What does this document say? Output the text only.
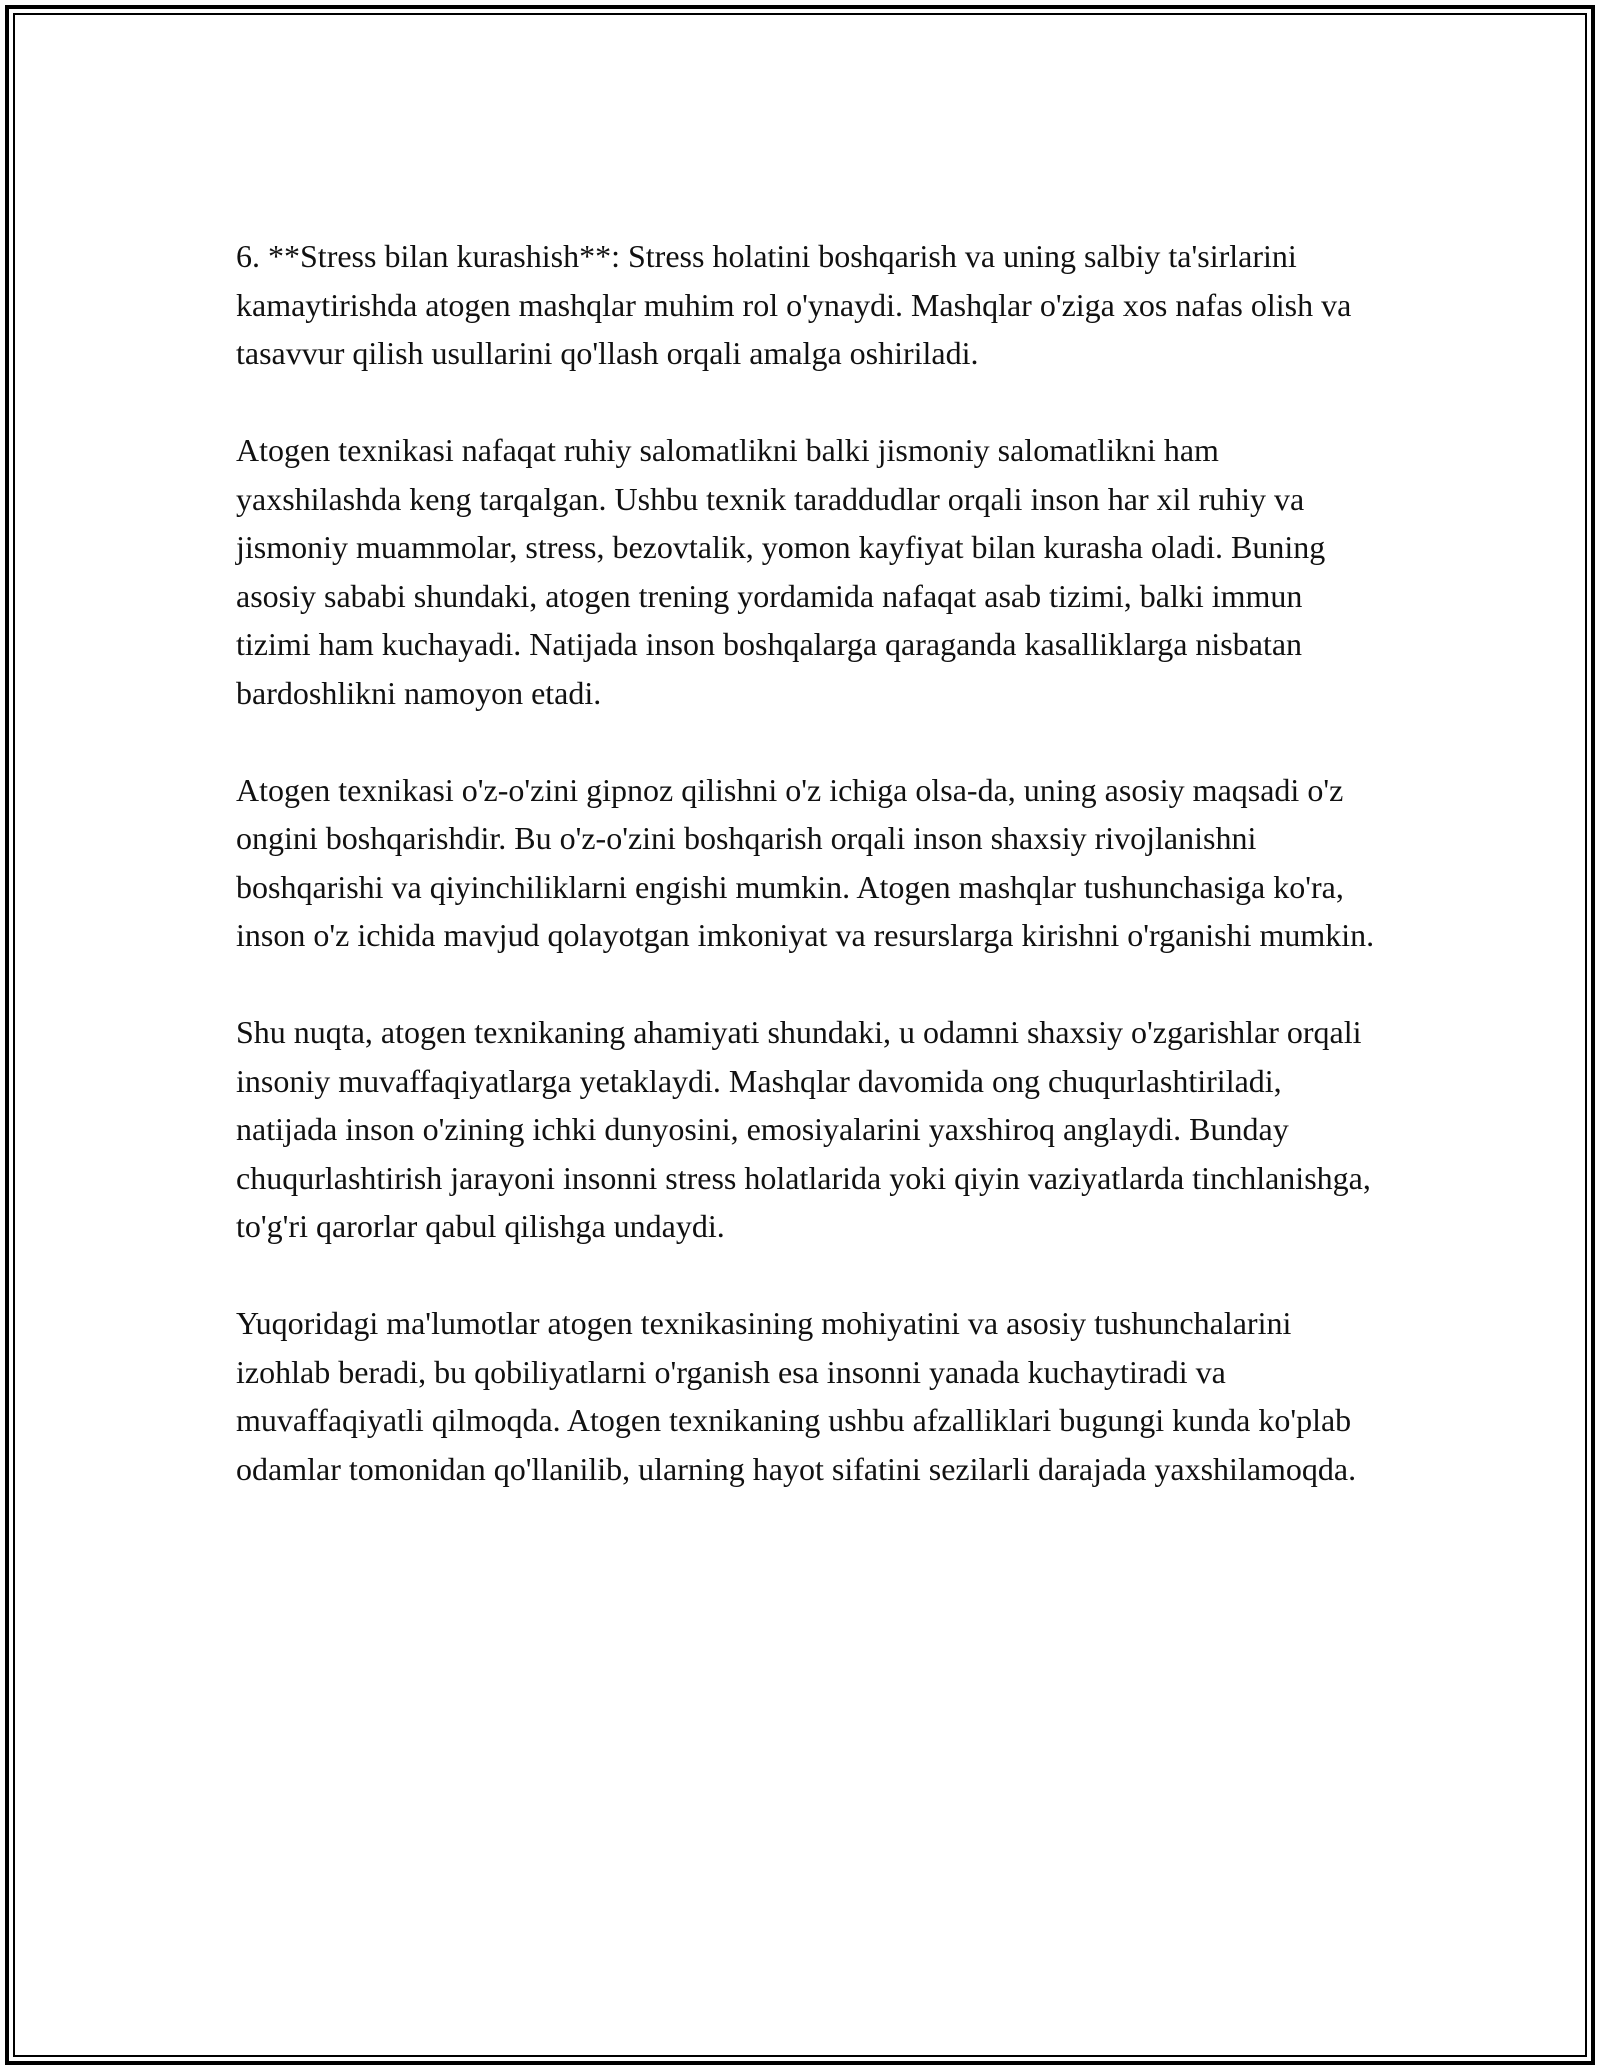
6. **Stress bilan kurashish**: Stress holatini boshqarish va uning salbiy ta'sirlarini kamaytirishda atogen mashqlar muhim rol o'ynaydi. Mashqlar o'ziga xos nafas olish va tasavvur qilish usullarini qo'llash orqali amalga oshiriladi.

Atogen texnikasi nafaqat ruhiy salomatlikni balki jismoniy salomatlikni ham yaxshilashda keng tarqalgan. Ushbu texnik taraddudlar orqali inson har xil ruhiy va jismoniy muammolar, stress, bezovtalik, yomon kayfiyat bilan kurasha oladi. Buning asosiy sababi shundaki, atogen trening yordamida nafaqat asab tizimi, balki immun tizimi ham kuchayadi. Natijada inson boshqalarga qaraganda kasalliklarga nisbatan bardoshlikni namoyon etadi.

Atogen texnikasi o'z-o'zini gipnoz qilishni o'z ichiga olsa-da, uning asosiy maqsadi o'z ongini boshqarishdir. Bu o'z-o'zini boshqarish orqali inson shaxsiy rivojlanishni boshqarishi va qiyinchiliklarni engishi mumkin. Atogen mashqlar tushunchasiga ko'ra, inson o'z ichida mavjud qolayotgan imkoniyat va resurslarga kirishni o'rganishi mumkin.

Shu nuqta, atogen texnikaning ahamiyati shundaki, u odamni shaxsiy o'zgarishlar orqali insoniy muvaffaqiyatlarga yetaklaydi. Mashqlar davomida ong chuqurlashtiriladi, natijada inson o'zining ichki dunyosini, emosiyalarini yaxshiroq anglaydi. Bunday chuqurlashtirish jarayoni insonni stress holatlarida yoki qiyin vaziyatlarda tinchlanishga, to'g'ri qarorlar qabul qilishga undaydi.

Yuqoridagi ma'lumotlar atogen texnikasining mohiyatini va asosiy tushunchalarini izohlab beradi, bu qobiliyatlarni o'rganish esa insonni yanada kuchaytiradi va muvaffaqiyatli qilmoqda. Atogen texnikaning ushbu afzalliklari bugungi kunda ko'plab odamlar tomonidan qo'llanilib, ularning hayot sifatini sezilarli darajada yaxshilamoqda.
